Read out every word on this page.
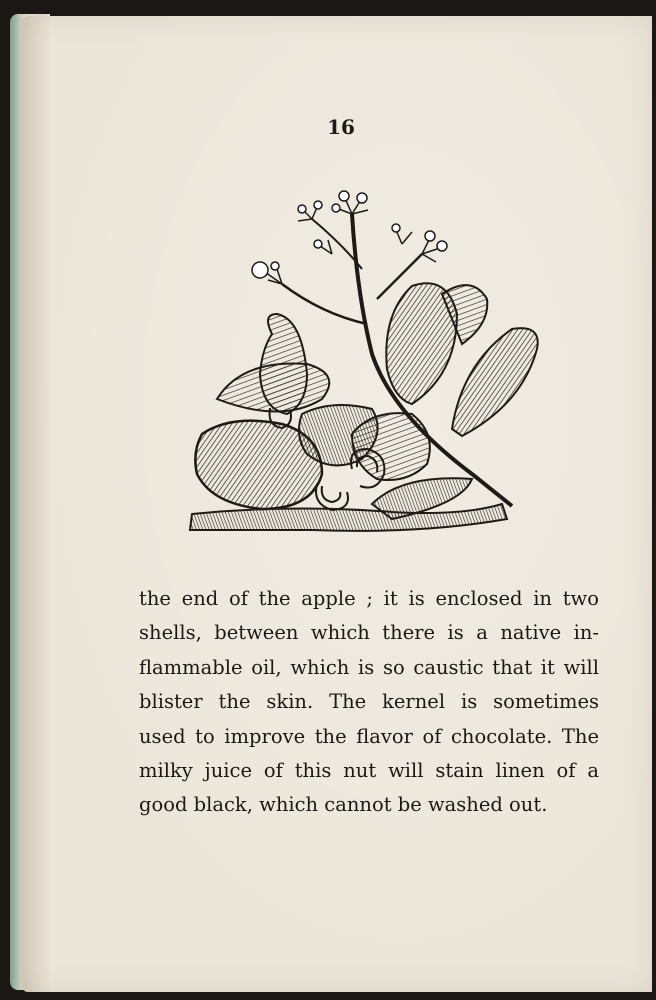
16

the end of the apple ; it is enclosed in two
shells, between which there is a native in-
flammable oil, which is so caustic that it will
blister the skin. The kernel is sometimes
used to improve the flavor of chocolate. The
milky juice of this nut will stain linen of a
good black, which cannot be washed out.
